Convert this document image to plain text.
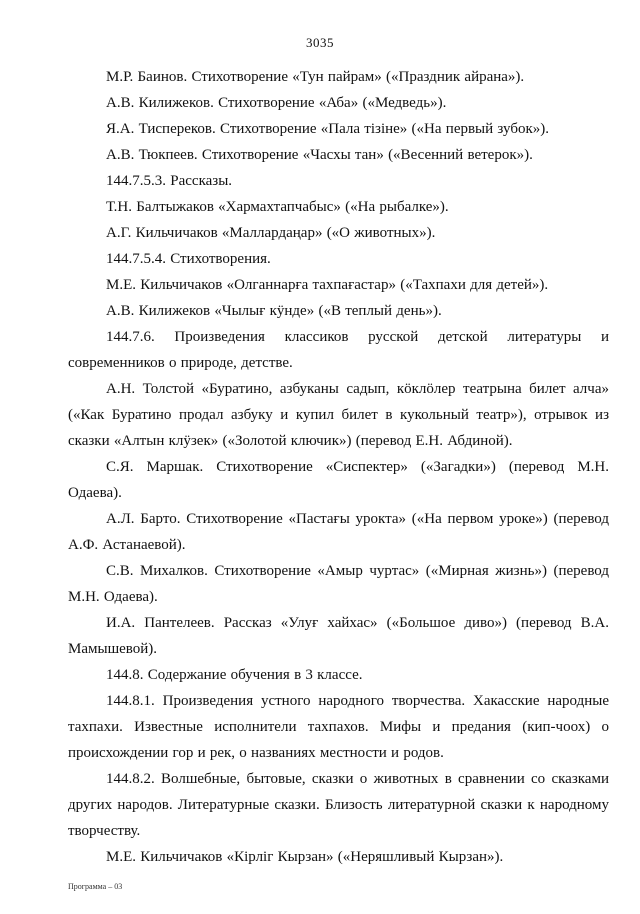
3035

М.Р. Баинов. Стихотворение «Тун пайрам» («Праздник айрана»).

А.В. Килижеков. Стихотворение «Аба» («Медведь»).

Я.А. Тиспереков. Стихотворение «Пала тізіне» («На первый зубок»).

А.В. Тюкпеев. Стихотворение «Часхы тан» («Весенний ветерок»).

144.7.5.3. Рассказы.

Т.Н. Балтыжаков «Хармахтапчабыс» («На рыбалке»).

А.Г. Кильчичаков «Маллардаңар» («О животных»).

144.7.5.4. Стихотворения.

М.Е. Кильчичаков «Олганнарға тахпағастар» («Тахпахи для детей»).

А.В. Килижеков «Чылығ кӱнде» («В теплый день»).

144.7.6. Произведения классиков русской детской литературы и современников о природе, детстве.

А.Н. Толстой «Буратино, азбуканы садып, кӧклӧлер театрына билет алча» («Как Буратино продал азбуку и купил билет в кукольный театр»), отрывок из сказки «Алтын клӱзек» («Золотой ключик») (перевод Е.Н. Абдиной).

С.Я. Маршак. Стихотворение «Сиспектер» («Загадки») (перевод М.Н. Одаева).

А.Л. Барто. Стихотворение «Пастағы урокта» («На первом уроке») (перевод А.Ф. Астанаевой).

С.В. Михалков. Стихотворение «Амыр чуртас» («Мирная жизнь») (перевод М.Н. Одаева).

И.А. Пантелеев. Рассказ «Улуғ хайхас» («Большое диво») (перевод В.А. Мамышевой).

144.8. Содержание обучения в 3 классе.

144.8.1. Произведения устного народного творчества. Хакасские народные тахпахи. Известные исполнители тахпахов. Мифы и предания (кип-чоох) о происхождении гор и рек, о названиях местности и родов.

144.8.2. Волшебные, бытовые, сказки о животных в сравнении со сказками других народов. Литературные сказки. Близость литературной сказки к народному творчеству.

М.Е. Кильчичаков «Кірліг Кырзан» («Неряшливый Кырзан»).

Программа – 03
